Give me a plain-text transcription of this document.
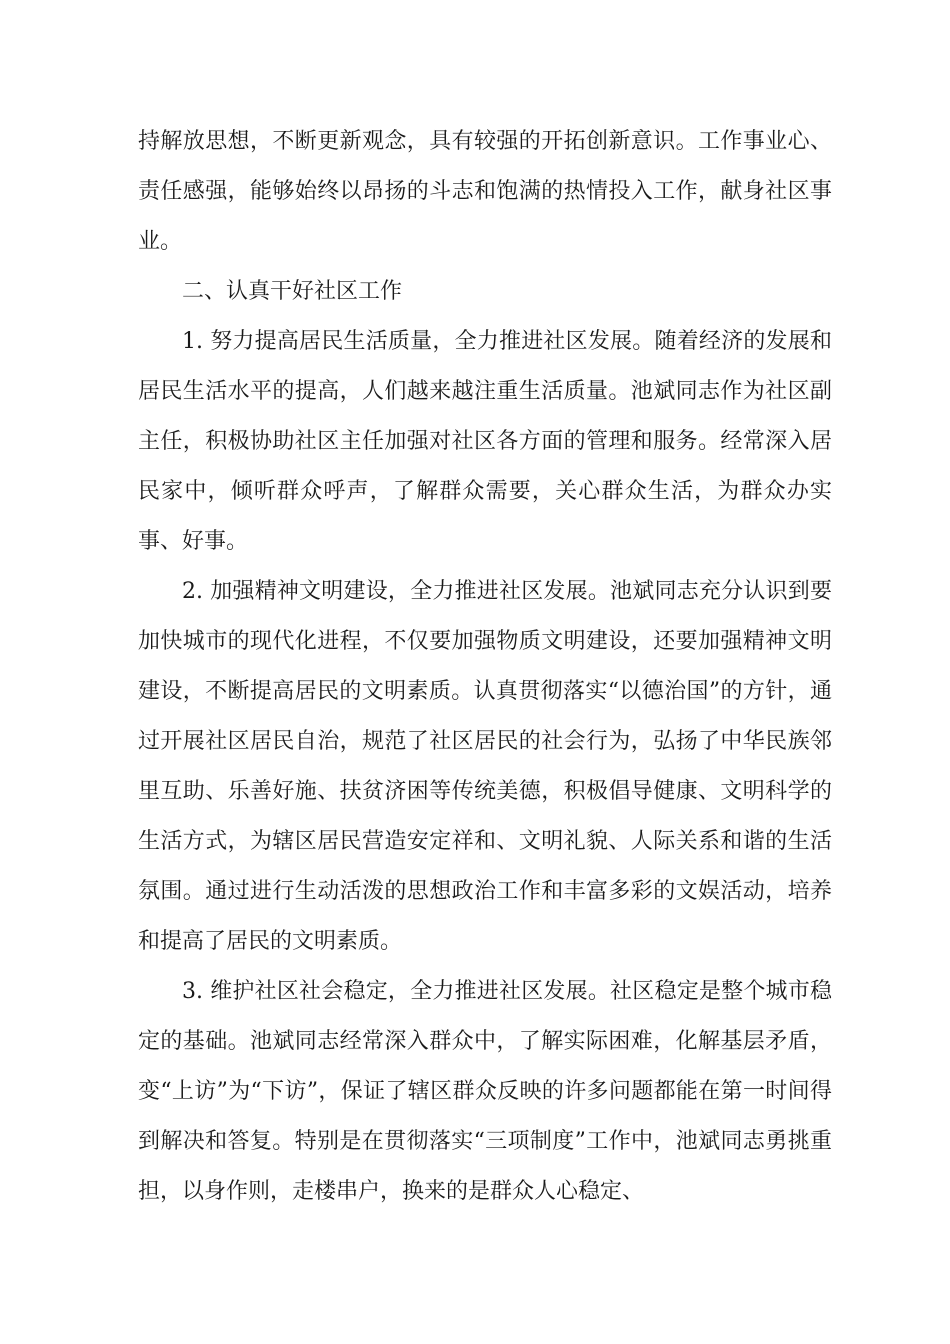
持解放思想，不断更新观念，具有较强的开拓创新意识。工作事业心、责任感强，能够始终以昂扬的斗志和饱满的热情投入工作，献身社区事业。

二、认真干好社区工作

1. 努力提高居民生活质量，全力推进社区发展。随着经济的发展和居民生活水平的提高，人们越来越注重生活质量。池斌同志作为社区副主任，积极协助社区主任加强对社区各方面的管理和服务。经常深入居民家中，倾听群众呼声，了解群众需要，关心群众生活，为群众办实事、好事。

2. 加强精神文明建设，全力推进社区发展。池斌同志充分认识到要加快城市的现代化进程，不仅要加强物质文明建设，还要加强精神文明建设，不断提高居民的文明素质。认真贯彻落实“以德治国”的方针，通过开展社区居民自治，规范了社区居民的社会行为，弘扬了中华民族邻里互助、乐善好施、扶贫济困等传统美德，积极倡导健康、文明科学的生活方式，为辖区居民营造安定祥和、文明礼貌、人际关系和谐的生活氛围。通过进行生动活泼的思想政治工作和丰富多彩的文娱活动，培养和提高了居民的文明素质。

3. 维护社区社会稳定，全力推进社区发展。社区稳定是整个城市稳定的基础。池斌同志经常深入群众中，了解实际困难，化解基层矛盾，变“上访”为“下访”，保证了辖区群众反映的许多问题都能在第一时间得到解决和答复。特别是在贯彻落实“三项制度”工作中，池斌同志勇挑重担，以身作则，走楼串户，换来的是群众人心稳定、
